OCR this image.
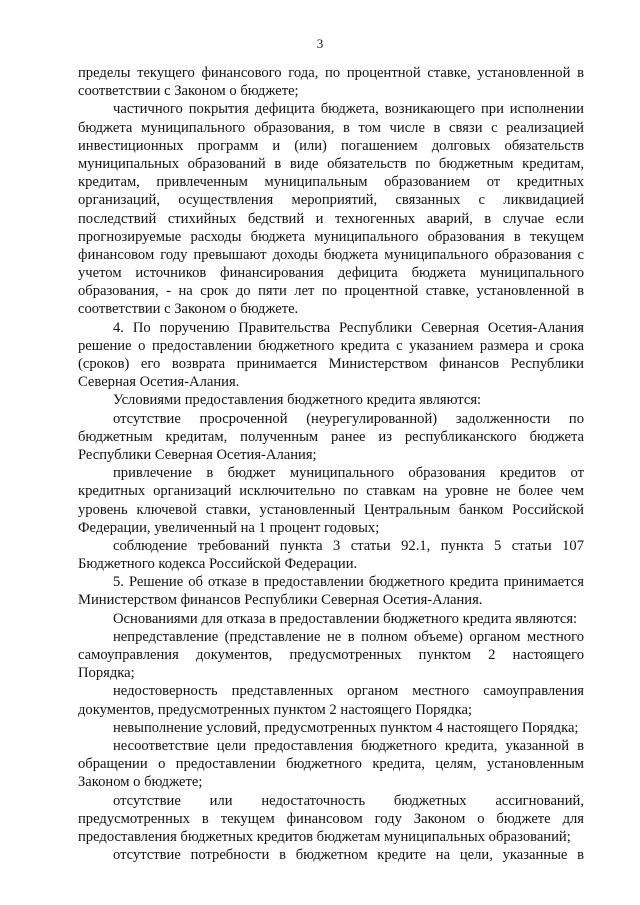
3
пределы текущего финансового года, по процентной ставке, установленной в
соответствии с Законом о бюджете;
частичного покрытия дефицита бюджета, возникающего при исполнении
бюджета муниципального образования, в том числе в связи с реализацией
инвестиционных программ и (или) погашением долговых обязательств
муниципальных образований в виде обязательств по бюджетным кредитам,
кредитам, привлеченным муниципальным образованием от кредитных
организаций, осуществления мероприятий, связанных с ликвидацией
последствий стихийных бедствий и техногенных аварий, в случае если
прогнозируемые расходы бюджета муниципального образования в текущем
финансовом году превышают доходы бюджета муниципального образования с
учетом источников финансирования дефицита бюджета муниципального
образования, - на срок до пяти лет по процентной ставке, установленной в
соответствии с Законом о бюджете.
4. По поручению Правительства Республики Северная Осетия-Алания
решение о предоставлении бюджетного кредита с указанием размера и срока
(сроков) его возврата принимается Министерством финансов Республики
Северная Осетия-Алания.
Условиями предоставления бюджетного кредита являются:
отсутствие просроченной (неурегулированной) задолженности по
бюджетным кредитам, полученным ранее из республиканского бюджета
Республики Северная Осетия-Алания;
привлечение в бюджет муниципального образования кредитов от
кредитных организаций исключительно по ставкам на уровне не более чем
уровень ключевой ставки, установленный Центральным банком Российской
Федерации, увеличенный на 1 процент годовых;
соблюдение требований пункта 3 статьи 92.1, пункта 5 статьи 107
Бюджетного кодекса Российской Федерации.
5. Решение об отказе в предоставлении бюджетного кредита принимается
Министерством финансов Республики Северная Осетия-Алания.
Основаниями для отказа в предоставлении бюджетного кредита являются:
непредставление (представление не в полном объеме) органом местного
самоуправления документов, предусмотренных пунктом 2 настоящего
Порядка;
недостоверность представленных органом местного самоуправления
документов, предусмотренных пунктом 2 настоящего Порядка;
невыполнение условий, предусмотренных пунктом 4 настоящего Порядка;
несоответствие цели предоставления бюджетного кредита, указанной в
обращении о предоставлении бюджетного кредита, целям, установленным
Законом о бюджете;
отсутствие или недостаточность бюджетных ассигнований,
предусмотренных в текущем финансовом году Законом о бюджете для
предоставления бюджетных кредитов бюджетам муниципальных образований;
отсутствие потребности в бюджетном кредите на цели, указанные в
